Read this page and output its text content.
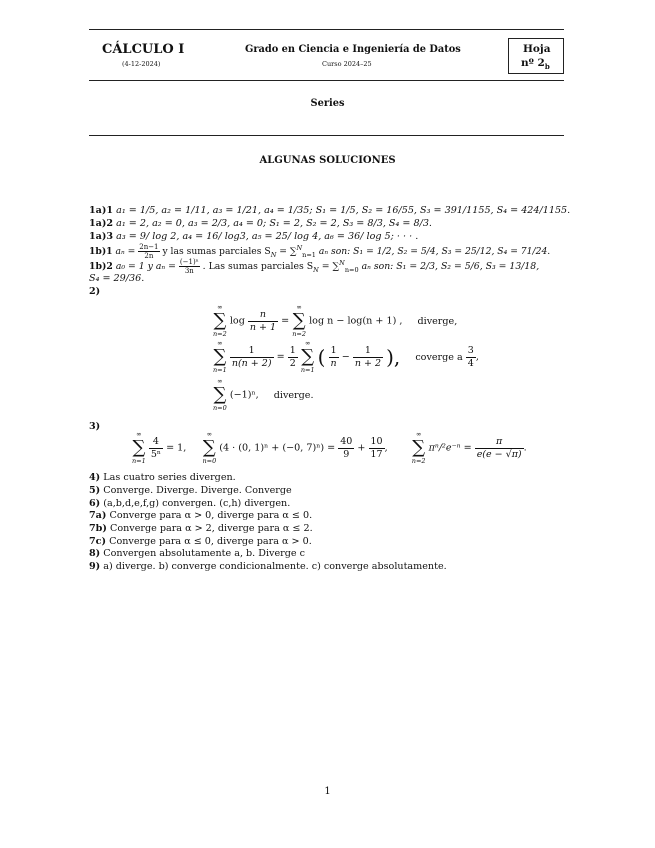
CÁLCULO I
(4-12-2024)
Grado en Ciencia e Ingeniería de Datos
Curso 2024–25
Hoja
nº $2_b$
Series
ALGUNAS SOLUCIONES
1a)1 a₁ = 1/5, a₂ = 1/11, a₃ = 1/21, a₄ = 1/35; S₁ = 1/5, S₂ = 16/55, S₃ = 391/1155, S₄ = 424/1155.
1a)2 a₁ = 2, a₂ = 0, a₃ = 2/3, a₄ = 0; S₁ = 2, S₂ = 2, S₃ = 8/3, S₄ = 8/3.
1a)3 a₃ = 9/ log 2, a₄ = 16/ log3, a₅ = 25/ log 4, a₆ = 36/ log 5; · · · .
1b)1 $a_n = \frac{2n-1}{2n}$ y las sumas parciales $S_N = \sum^N_{n=1}$ aₙ son: S₁ = 1/2, S₂ = 5/4, S₃ = 25/12, S₄ = 71/24.
1b)2 a₀ = 1 y $a_n = \frac{\text{(−1)ⁿ}}{3n}$ . Las sumas parciales $S_N = \sum^N_{n=0}$ aₙ son: S₁ = 2/3, S₂ = 5/6, S₃ = 13/18,
S₄ = 29/36.
2)
∞
∑
n=2
$\log \frac{n}{n + 1}$ =
∞
∑
n=2
log n − log(n + 1) , diverge,
∞
∑
n=1

$\frac{1}{n(n + 2)} = \frac{1}{2}$

∞
∑
n=1
( $\frac{1}{n} - \frac{1}{n + 2}$ ), coverge a $\frac{3}{4}$ ,
∞
∑
n=0
(−1)ⁿ, diverge.
3)
∞
∑
n=1

$\frac{4}{\text{5ⁿ}} = 1$,
∞
∑
n=0
(4 · (0, 1)ⁿ + (−0, $7)^n) = \frac{40}{9} + \frac{10}{17}$ ,
∞
∑
n=2
$\pi^n/^2e^{-n} = \frac{\pi}{e(e - √\pi)}$ .
4) Las cuatro series divergen.
5) Converge. Diverge. Diverge. Converge
6) (a,b,d,e,f,g) convergen. (c,h) divergen.
7a) Converge para α > 0, diverge para α ≤ 0.
7b) Converge para α > 2, diverge para α ≤ 2.
7c) Converge para α ≤ 0, diverge para α > 0.
8) Convergen absolutamente a, b. Diverge c
9) a) diverge. b) converge condicionalmente. c) converge absolutamente.
1
